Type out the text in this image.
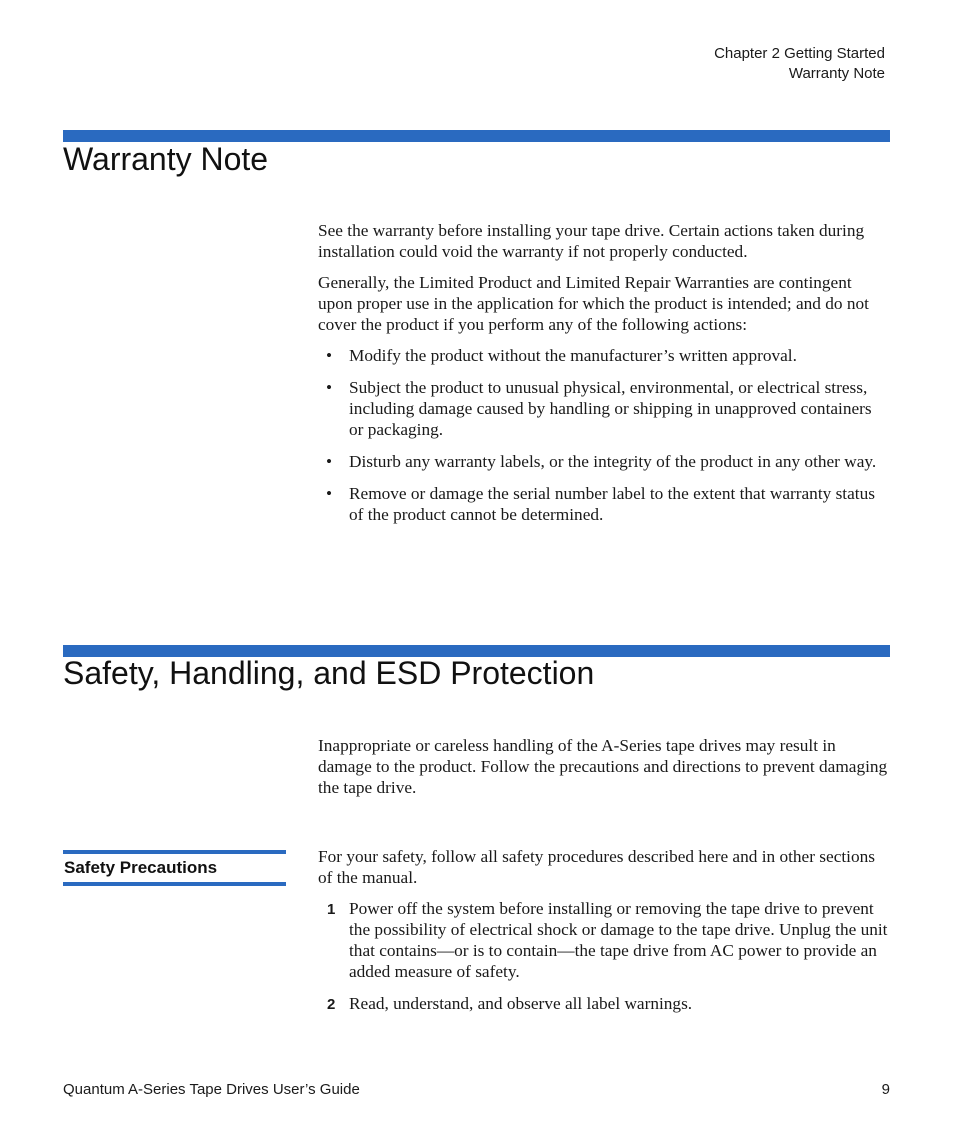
Chapter 2 Getting Started
Warranty Note
Warranty Note

See the warranty before installing your tape drive. Certain actions taken during installation could void the warranty if not properly conducted.

Generally, the Limited Product and Limited Repair Warranties are contingent upon proper use in the application for which the product is intended; and do not cover the product if you perform any of the following actions:

• Modify the product without the manufacturer’s written approval.
• Subject the product to unusual physical, environmental, or electrical stress, including damage caused by handling or shipping in unapproved containers or packaging.
• Disturb any warranty labels, or the integrity of the product in any other way.
• Remove or damage the serial number label to the extent that warranty status of the product cannot be determined.
Safety, Handling, and ESD Protection

Inappropriate or careless handling of the A-Series tape drives may result in damage to the product. Follow the precautions and directions to prevent damaging the tape drive.

Safety Precautions

For your safety, follow all safety procedures described here and in other sections of the manual.

1 Power off the system before installing or removing the tape drive to prevent the possibility of electrical shock or damage to the tape drive. Unplug the unit that contains—or is to contain—the tape drive from AC power to provide an added measure of safety.
2 Read, understand, and observe all label warnings.
Quantum A-Series Tape Drives User’s Guide	9
